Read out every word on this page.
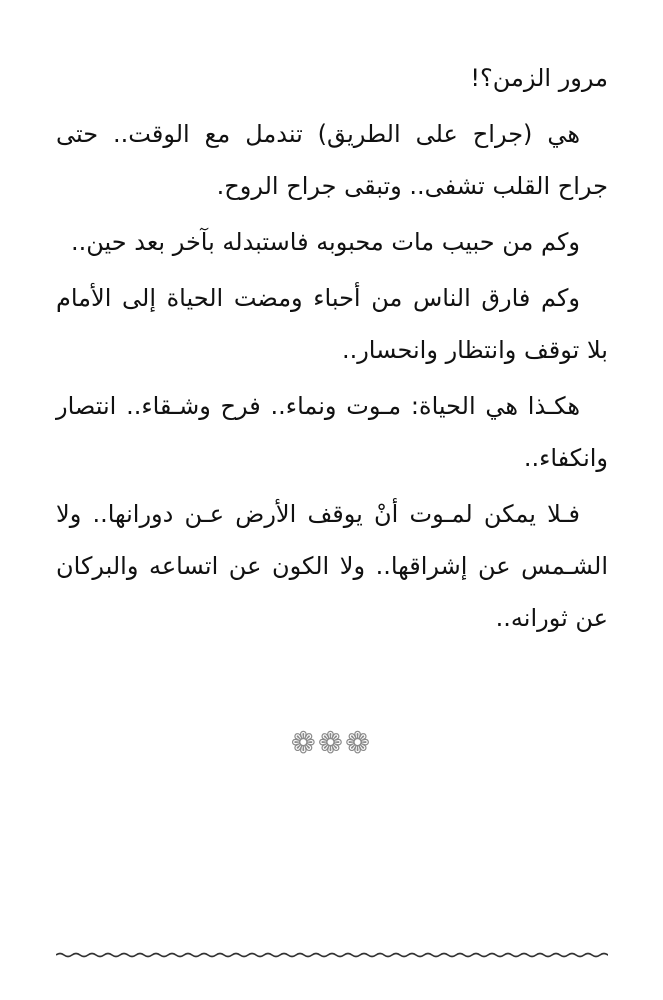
مرور الزمن؟!

هي (جراح على الطريق) تندمل مع الوقت.. حتى جراح القلب تشفى.. وتبقى جراح الروح.

وكم من حبيب مات محبوبه فاستبدله بآخر بعد حين..

وكم فارق الناس من أحباء ومضت الحياة إلى الأمام بلا توقف وانتظار وانحسار..

هكـذا هي الحياة: مـوت ونماء.. فرح وشـقاء.. انتصار وانكفاء..

فـلا يمكن لمـوت أنْ يوقف الأرض عـن دورانها.. ولا الشـمس عن إشراقها.. ولا الكون عن اتساعه والبركان عن ثورانه..

❁❁❁
